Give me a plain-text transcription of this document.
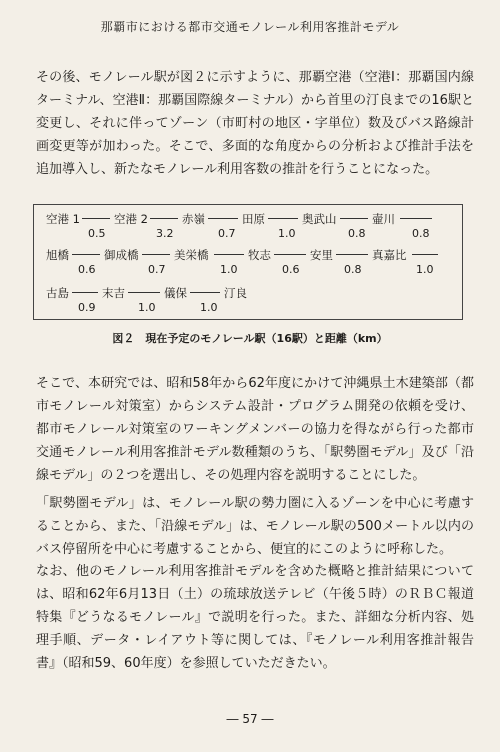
那覇市における都市交通モノレール利用客推計モデル

その後、モノレール駅が図２に示すように、那覇空港（空港Ⅰ：那覇国内線ターミナル、空港Ⅱ：那覇国際線ターミナル）から首里の汀良までの16駅と変更し、それに伴ってゾーン（市町村の地区・字単位）数及びバス路線計画変更等が加わった。そこで、多面的な角度からの分析および推計手法を追加導入し、新たなモノレール利用客数の推計を行うことになった。

空港 1	空港 2	赤嶺	田原	奥武山	壷川
0.5	3.2	0.7	1.0	0.8	0.8
旭橋	御成橋	美栄橋	牧志	安里	真嘉比
0.6	0.7	1.0	0.6	0.8	1.0
古島	末吉	儀保	汀良
0.9	1.0	1.0
図２　現在予定のモノレール駅（16駅）と距離（km）

そこで、本研究では、昭和58年から62年度にかけて沖縄県土木建築部（都市モノレール対策室）からシステム設計・プログラム開発の依頼を受け、都市モノレール対策室のワーキングメンバーの協力を得ながら行った都市交通モノレール利用客推計モデル数種類のうち、「駅勢圏モデル」及び「沿線モデル」の２つを選出し、その処理内容を説明することにした。

「駅勢圏モデル」は、モノレール駅の勢力圏に入るゾーンを中心に考慮することから、また、「沿線モデル」は、モノレール駅の500メートル以内のバス停留所を中心に考慮することから、便宜的にこのように呼称した。

なお、他のモノレール利用客推計モデルを含めた概略と推計結果については、昭和62年6月13日（土）の琉球放送テレビ（午後５時）のＲＢＣ報道特集『どうなるモノレール』で説明を行った。また、詳細な分析内容、処理手順、データ・レイアウト等に関しては、『モノレール利用客推計報告書』（昭和59、60年度）を参照していただきたい。

― 57 ―
